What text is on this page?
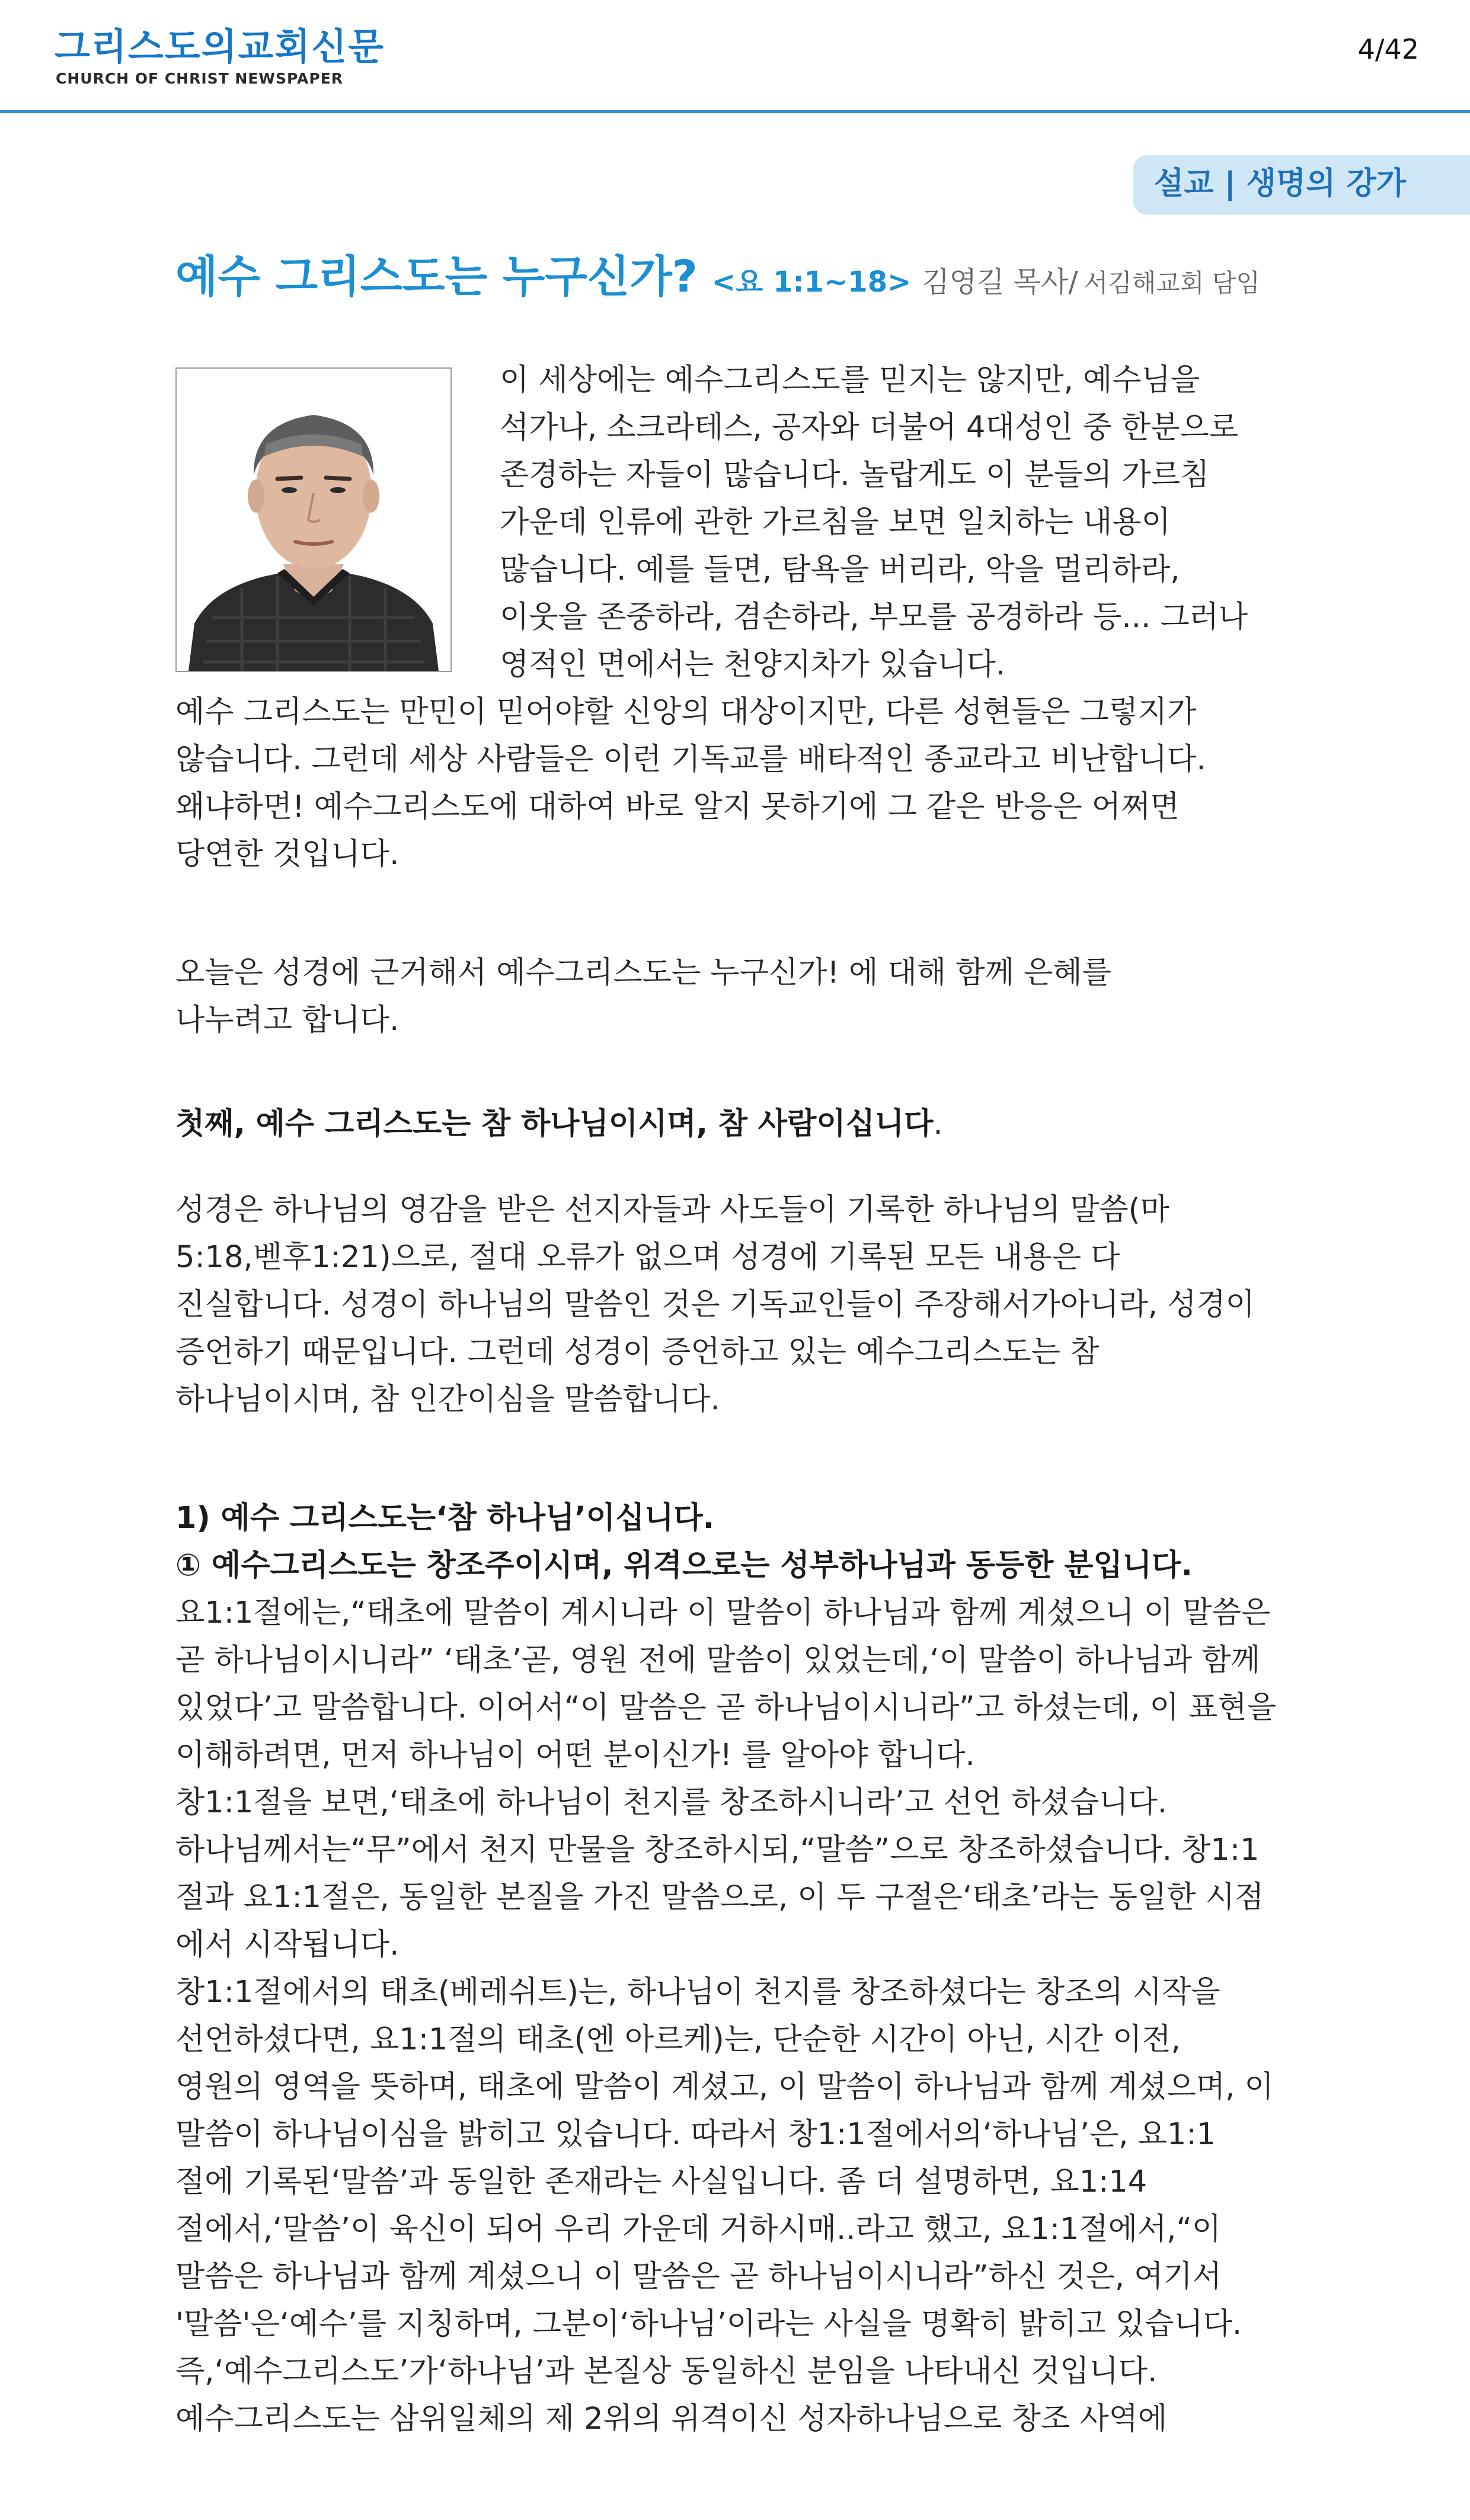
그리스도의교회신문
CHURCH OF CHRIST NEWSPAPER
4/42
설교 | 생명의 강가
예수 그리스도는 누구신가? <요 1:1~18> 김영길 목사/ 서김해교회 담임

이 세상에는 예수그리스도를 믿지는 않지만, 예수님을

석가나, 소크라테스, 공자와 더불어 4대성인 중 한분으로

존경하는 자들이 많습니다. 놀랍게도 이 분들의 가르침

가운데 인류에 관한 가르침을 보면 일치하는 내용이

많습니다. 예를 들면, 탐욕을 버리라, 악을 멀리하라,

이웃을 존중하라, 겸손하라, 부모를 공경하라 등... 그러나

영적인 면에서는 천양지차가 있습니다.

예수 그리스도는 만민이 믿어야할 신앙의 대상이지만, 다른 성현들은 그렇지가

않습니다. 그런데 세상 사람들은 이런 기독교를 배타적인 종교라고 비난합니다.

왜냐하면! 예수그리스도에 대하여 바로 알지 못하기에 그 같은 반응은 어쩌면

당연한 것입니다.

오늘은 성경에 근거해서 예수그리스도는 누구신가! 에 대해 함께 은혜를

나누려고 합니다.

첫째, 예수 그리스도는 참 하나님이시며, 참 사람이십니다.

성경은 하나님의 영감을 받은 선지자들과 사도들이 기록한 하나님의 말씀(마

5:18,벧후1:21)으로, 절대 오류가 없으며 성경에 기록된 모든 내용은 다

진실합니다. 성경이 하나님의 말씀인 것은 기독교인들이 주장해서가아니라, 성경이

증언하기 때문입니다. 그런데 성경이 증언하고 있는 예수그리스도는 참

하나님이시며, 참 인간이심을 말씀합니다.

1) 예수 그리스도는‘참 하나님’이십니다.

① 예수그리스도는 창조주이시며, 위격으로는 성부하나님과 동등한 분입니다.

요1:1절에는,“태초에 말씀이 계시니라 이 말씀이 하나님과 함께 계셨으니 이 말씀은

곧 하나님이시니라” ‘태초’곧, 영원 전에 말씀이 있었는데,‘이 말씀이 하나님과 함께

있었다’고 말씀합니다. 이어서“이 말씀은 곧 하나님이시니라”고 하셨는데, 이 표현을

이해하려면, 먼저 하나님이 어떤 분이신가! 를 알아야 합니다.

창1:1절을 보면,‘태초에 하나님이 천지를 창조하시니라’고 선언 하셨습니다.

하나님께서는“무”에서 천지 만물을 창조하시되,“말씀”으로 창조하셨습니다. 창1:1

절과 요1:1절은, 동일한 본질을 가진 말씀으로, 이 두 구절은‘태초’라는 동일한 시점

에서 시작됩니다.

창1:1절에서의 태초(베레쉬트)는, 하나님이 천지를 창조하셨다는 창조의 시작을

선언하셨다면, 요1:1절의 태초(엔 아르케)는, 단순한 시간이 아닌, 시간 이전,

영원의 영역을 뜻하며, 태초에 말씀이 계셨고, 이 말씀이 하나님과 함께 계셨으며, 이

말씀이 하나님이심을 밝히고 있습니다. 따라서 창1:1절에서의‘하나님’은, 요1:1

절에 기록된‘말씀’과 동일한 존재라는 사실입니다. 좀 더 설명하면, 요1:14

절에서,‘말씀’이 육신이 되어 우리 가운데 거하시매..라고 했고, 요1:1절에서,“이

말씀은 하나님과 함께 계셨으니 이 말씀은 곧 하나님이시니라”하신 것은, 여기서

'말씀'은‘예수’를 지칭하며, 그분이‘하나님’이라는 사실을 명확히 밝히고 있습니다.

즉,‘예수그리스도’가‘하나님’과 본질상 동일하신 분임을 나타내신 것입니다.

예수그리스도는 삼위일체의 제 2위의 위격이신 성자하나님으로 창조 사역에
